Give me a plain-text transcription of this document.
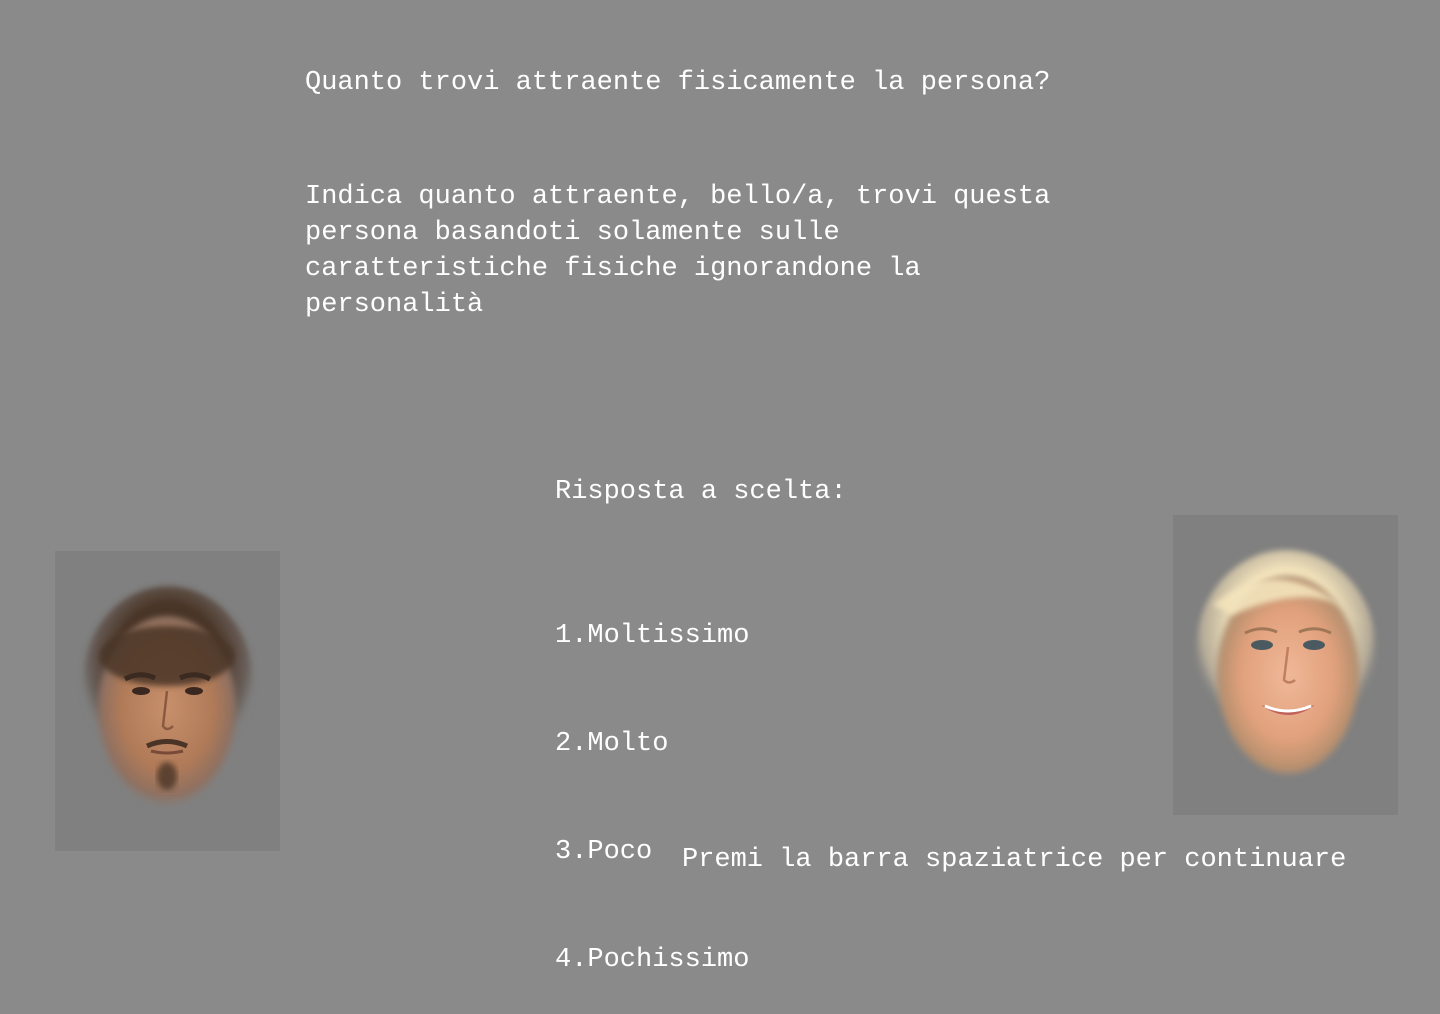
Quanto trovi attraente fisicamente la persona?

Indica quanto attraente, bello/a, trovi questa
persona basandoti solamente sulle
caratteristiche fisiche ignorandone la
personalità

Risposta a scelta:

1.Moltissimo

2.Molto

3.Poco

4.Pochissimo

Premi la barra spaziatrice per continuare
